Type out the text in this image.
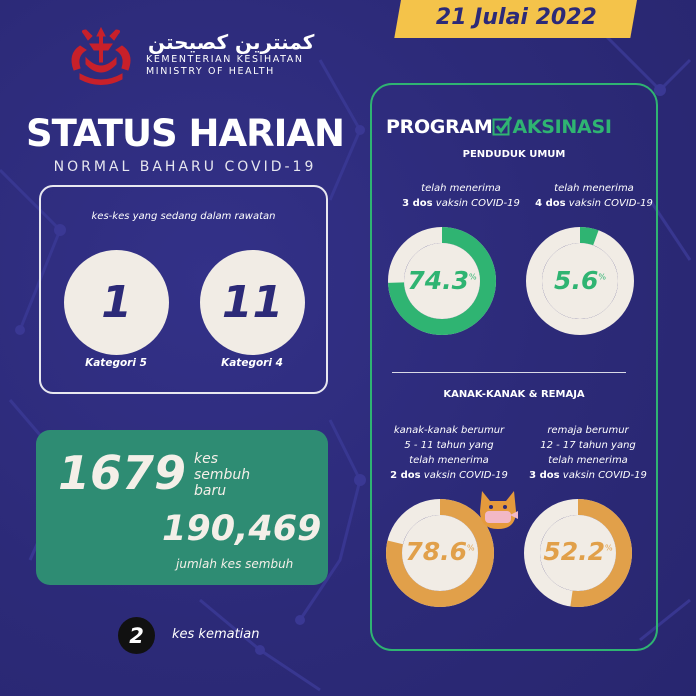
21 Julai 2022
كمنترين كصيحتن
KEMENTERIAN KESIHATAN
MINISTRY OF HEALTH
STATUS HARIAN
NORMAL BAHARU COVID-19
kes-kes yang sedang dalam rawatan
1	11
Kategori 5	Kategori 4
1679 kes
sembuh
baru
190,469
jumlah kes sembuh
2	kes kematian
PROGRAM AKSINASI
PENDUDUK UMUM
telah menerima
3 dos vaksin COVID-19
telah menerima
4 dos vaksin COVID-19
74.3%	5.6%
KANAK-KANAK & REMAJA
kanak-kanak berumur
5 - 11 tahun yang
telah menerima
2 dos vaksin COVID-19
remaja berumur
12 - 17 tahun yang
telah menerima
3 dos vaksin COVID-19
78.6%	52.2%
